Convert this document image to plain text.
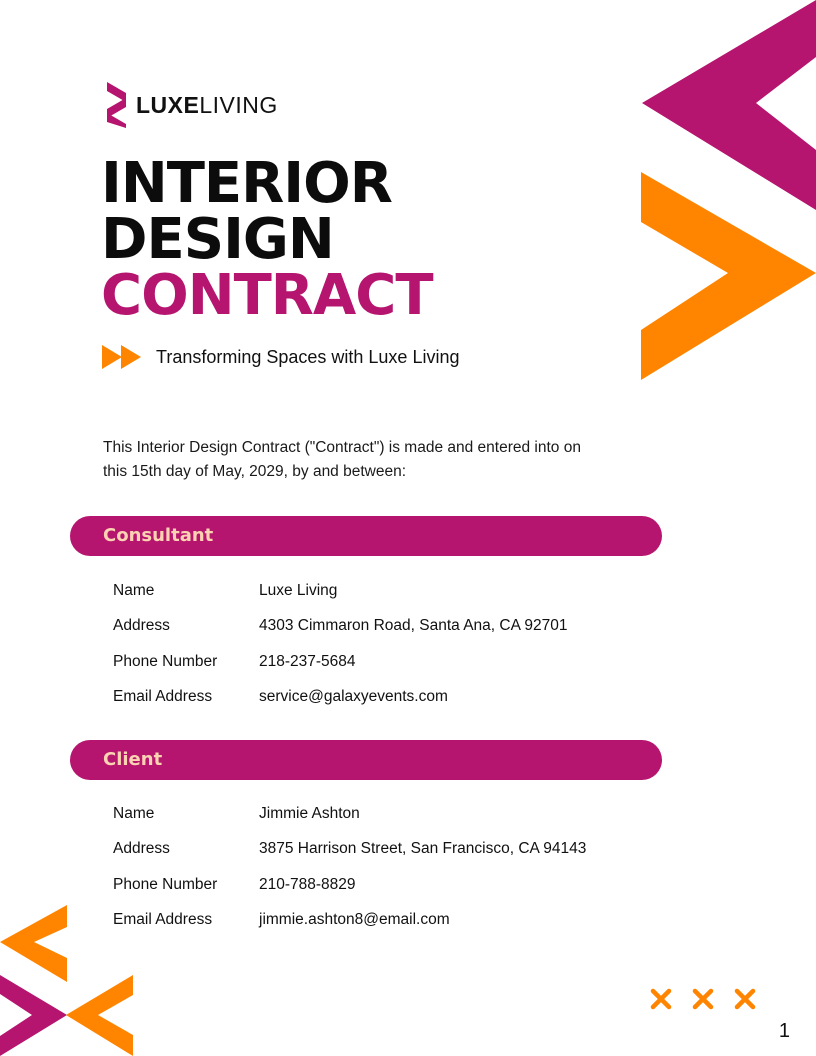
LUXELIVING
INTERIOR
DESIGN
CONTRACT
Transforming Spaces with Luxe Living
This Interior Design Contract ("Contract") is made and entered into on this 15th day of May, 2029, by and between:
Consultant
Name	Luxe Living
Address	4303 Cimmaron Road, Santa Ana, CA 92701
Phone Number	218-237-5684
Email Address	service@galaxyevents.com
Client
Name	Jimmie Ashton
Address	3875 Harrison Street, San Francisco, CA 94143
Phone Number	210-788-8829
Email Address	jimmie.ashton8@email.com
1
